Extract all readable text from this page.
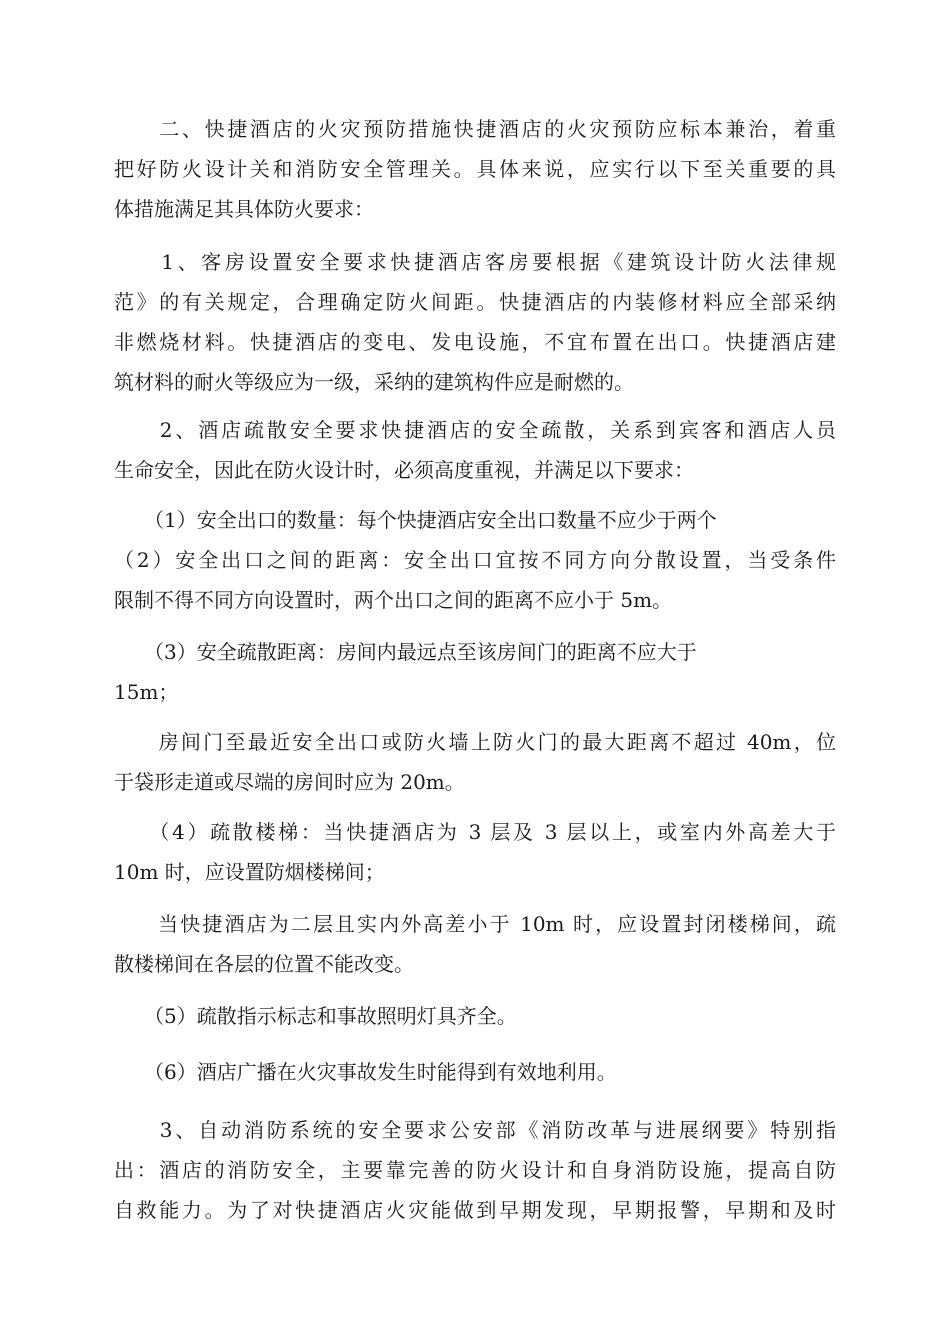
　　二、快捷酒店的火灾预防措施快捷酒店的火灾预防应标本兼治，着重
把好防火设计关和消防安全管理关。具体来说，应实行以下至关重要的具
体措施满足其具体防火要求：
　　1、客房设置安全要求快捷酒店客房要根据《建筑设计防火法律规
范》的有关规定，合理确定防火间距。快捷酒店的内装修材料应全部采纳
非燃烧材料。快捷酒店的变电、发电设施，不宜布置在出口。快捷酒店建
筑材料的耐火等级应为一级，采纳的建筑构件应是耐燃的。
　　2、酒店疏散安全要求快捷酒店的安全疏散，关系到宾客和酒店人员
生命安全，因此在防火设计时，必须高度重视，并满足以下要求：
　　（1）安全出口的数量：每个快捷酒店安全出口数量不应少于两个
（2）安全出口之间的距离：安全出口宜按不同方向分散设置，当受条件
限制不得不同方向设置时，两个出口之间的距离不应小于 5m。
　　（3）安全疏散距离：房间内最远点至该房间门的距离不应大于
15m；
　　房间门至最近安全出口或防火墙上防火门的最大距离不超过 40m，位
于袋形走道或尽端的房间时应为 20m。
　　（4）疏散楼梯：当快捷酒店为 3 层及 3 层以上，或室内外高差大于
10m 时，应设置防烟楼梯间；
　　当快捷酒店为二层且实内外高差小于 10m 时，应设置封闭楼梯间，疏
散楼梯间在各层的位置不能改变。
　　（5）疏散指示标志和事故照明灯具齐全。
　　（6）酒店广播在火灾事故发生时能得到有效地利用。
　　3、自动消防系统的安全要求公安部《消防改革与进展纲要》特别指
出：酒店的消防安全，主要靠完善的防火设计和自身消防设施，提高自防
自救能力。为了对快捷酒店火灾能做到早期发现，早期报警，早期和及时
